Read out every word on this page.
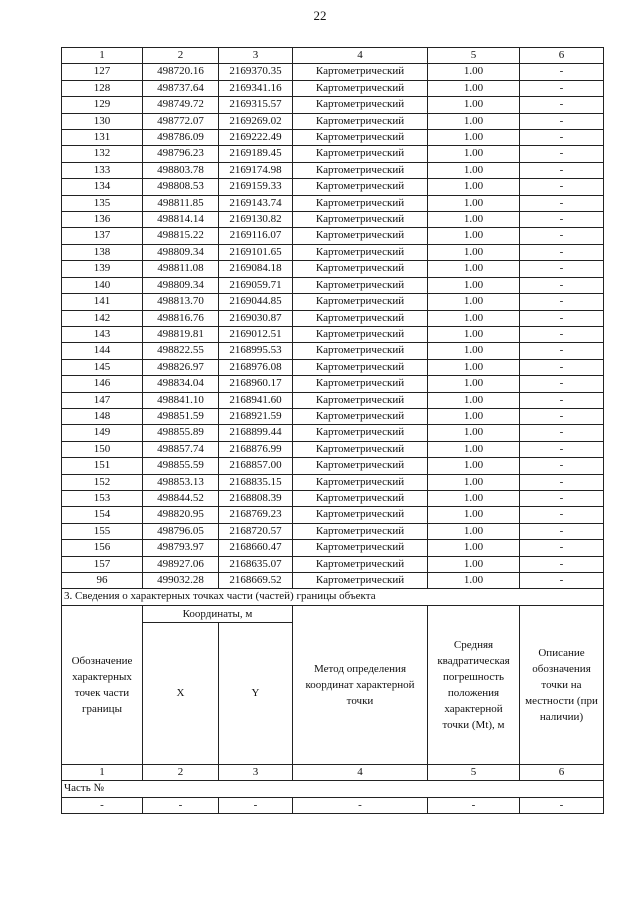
22
1	2	3	4	5	6
127	498720.16	2169370.35	Картометрический	1.00	-
128	498737.64	2169341.16	Картометрический	1.00	-
129	498749.72	2169315.57	Картометрический	1.00	-
130	498772.07	2169269.02	Картометрический	1.00	-
131	498786.09	2169222.49	Картометрический	1.00	-
132	498796.23	2169189.45	Картометрический	1.00	-
133	498803.78	2169174.98	Картометрический	1.00	-
134	498808.53	2169159.33	Картометрический	1.00	-
135	498811.85	2169143.74	Картометрический	1.00	-
136	498814.14	2169130.82	Картометрический	1.00	-
137	498815.22	2169116.07	Картометрический	1.00	-
138	498809.34	2169101.65	Картометрический	1.00	-
139	498811.08	2169084.18	Картометрический	1.00	-
140	498809.34	2169059.71	Картометрический	1.00	-
141	498813.70	2169044.85	Картометрический	1.00	-
142	498816.76	2169030.87	Картометрический	1.00	-
143	498819.81	2169012.51	Картометрический	1.00	-
144	498822.55	2168995.53	Картометрический	1.00	-
145	498826.97	2168976.08	Картометрический	1.00	-
146	498834.04	2168960.17	Картометрический	1.00	-
147	498841.10	2168941.60	Картометрический	1.00	-
148	498851.59	2168921.59	Картометрический	1.00	-
149	498855.89	2168899.44	Картометрический	1.00	-
150	498857.74	2168876.99	Картометрический	1.00	-
151	498855.59	2168857.00	Картометрический	1.00	-
152	498853.13	2168835.15	Картометрический	1.00	-
153	498844.52	2168808.39	Картометрический	1.00	-
154	498820.95	2168769.23	Картометрический	1.00	-
155	498796.05	2168720.57	Картометрический	1.00	-
156	498793.97	2168660.47	Картометрический	1.00	-
157	498927.06	2168635.07	Картометрический	1.00	-
96	499032.28	2168669.52	Картометрический	1.00	-
3. Сведения о характерных точках части (частей) границы объекта					
Обозначение характерных точек части границы	Координаты, м		Метод определения координат характерной точки	Средняя квадратическая погрешность положения характерной точки (Mt), м	Описание обозначения точки на местности (при наличии)
	X	Y			
1	2	3	4	5	6
Часть №					
-	-	-	-	-	-
